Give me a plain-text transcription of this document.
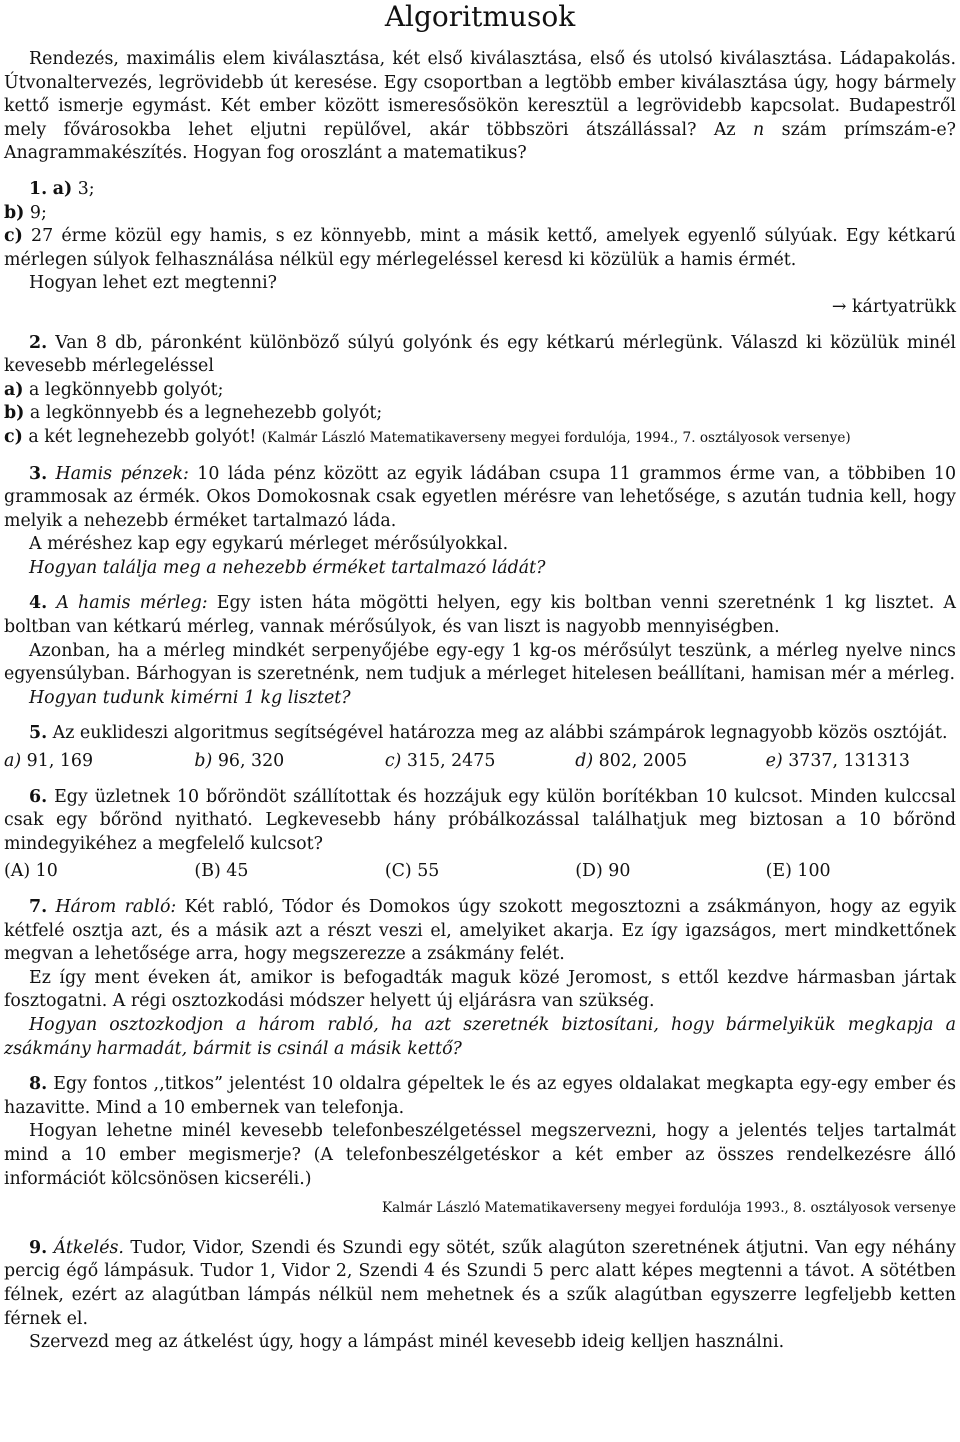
Algoritmusok

Rendezés, maximális elem kiválasztása, két első kiválasztása, első és utolsó kiválasztása. Ládapakolás. Útvonaltervezés, legrövidebb út keresése. Egy csoportban a legtöbb ember kiválasztása úgy, hogy bármely kettő ismerje egymást. Két ember között ismeresősökön keresztül a legrövidebb kapcsolat. Budapestről mely fővárosokba lehet eljutni repülővel, akár többszöri átszállással? Az n szám prímszám-e? Anagrammakészítés. Hogyan fog oroszlánt a matematikus?

1. a) 3;

b) 9;

c) 27 érme közül egy hamis, s ez könnyebb, mint a másik kettő, amelyek egyenlő súlyúak. Egy kétkarú mérlegen súlyok felhasználása nélkül egy mérlegeléssel keresd ki közülük a hamis érmét.

Hogyan lehet ezt megtenni?

→ kártyatrükk

2. Van 8 db, páronként különböző súlyú golyónk és egy kétkarú mérlegünk. Válaszd ki közülük minél kevesebb mérlegeléssel

a) a legkönnyebb golyót;

b) a legkönnyebb és a legnehezebb golyót;

c) a két legnehezebb golyót! (Kalmár László Matematikaverseny megyei fordulója, 1994., 7. osztályosok versenye)

3. Hamis pénzek: 10 láda pénz között az egyik ládában csupa 11 grammos érme van, a többiben 10 grammosak az érmék. Okos Domokosnak csak egyetlen mérésre van lehetősége, s azután tudnia kell, hogy melyik a nehezebb érméket tartalmazó láda.

A méréshez kap egy egykarú mérleget mérősúlyokkal.

Hogyan találja meg a nehezebb érméket tartalmazó ládát?

4. A hamis mérleg: Egy isten háta mögötti helyen, egy kis boltban venni szeretnénk 1 kg lisztet. A boltban van kétkarú mérleg, vannak mérősúlyok, és van liszt is nagyobb mennyiségben.

Azonban, ha a mérleg mindkét serpenyőjébe egy-egy 1 kg-os mérősúlyt teszünk, a mérleg nyelve nincs egyensúlyban. Bárhogyan is szeretnénk, nem tudjuk a mérleget hitelesen beállítani, hamisan mér a mérleg.

Hogyan tudunk kimérni 1 kg lisztet?

5. Az euklideszi algoritmus segítségével határozza meg az alábbi számpárok legnagyobb közös osztóját.

a) 91, 169	b) 96, 320	c) 315, 2475	d) 802, 2005	e) 3737, 131313

6. Egy üzletnek 10 bőröndöt szállítottak és hozzájuk egy külön borítékban 10 kulcsot. Minden kulccsal csak egy bőrönd nyitható. Legkevesebb hány próbálkozással találhatjuk meg biztosan a 10 bőrönd mindegyikéhez a megfelelő kulcsot?

(A) 10	(B) 45	(C) 55	(D) 90	(E) 100

7. Három rabló: Két rabló, Tódor és Domokos úgy szokott megosztozni a zsákmányon, hogy az egyik kétfelé osztja azt, és a másik azt a részt veszi el, amelyiket akarja. Ez így igazságos, mert mindkettőnek megvan a lehetősége arra, hogy megszerezze a zsákmány felét.

Ez így ment éveken át, amikor is befogadták maguk közé Jeromost, s ettől kezdve hármasban jártak fosztogatni. A régi osztozkodási módszer helyett új eljárásra van szükség.

Hogyan osztozkodjon a három rabló, ha azt szeretnék biztosítani, hogy bármelyikük megkapja a zsákmány harmadát, bármit is csinál a másik kettő?

8. Egy fontos ,,titkos” jelentést 10 oldalra gépeltek le és az egyes oldalakat megkapta egy-egy ember és hazavitte. Mind a 10 embernek van telefonja.

Hogyan lehetne minél kevesebb telefonbeszélgetéssel megszervezni, hogy a jelentés teljes tartalmát mind a 10 ember megismerje? (A telefonbeszélgetéskor a két ember az összes rendelkezésre álló információt kölcsönösen kicseréli.)

Kalmár László Matematikaverseny megyei fordulója 1993., 8. osztályosok versenye

9. Átkelés. Tudor, Vidor, Szendi és Szundi egy sötét, szűk alagúton szeretnének átjutni. Van egy néhány percig égő lámpásuk. Tudor 1, Vidor 2, Szendi 4 és Szundi 5 perc alatt képes megtenni a távot. A sötétben félnek, ezért az alagútban lámpás nélkül nem mehetnek és a szűk alagútban egyszerre legfeljebb ketten férnek el.

Szervezd meg az átkelést úgy, hogy a lámpást minél kevesebb ideig kelljen használni.
